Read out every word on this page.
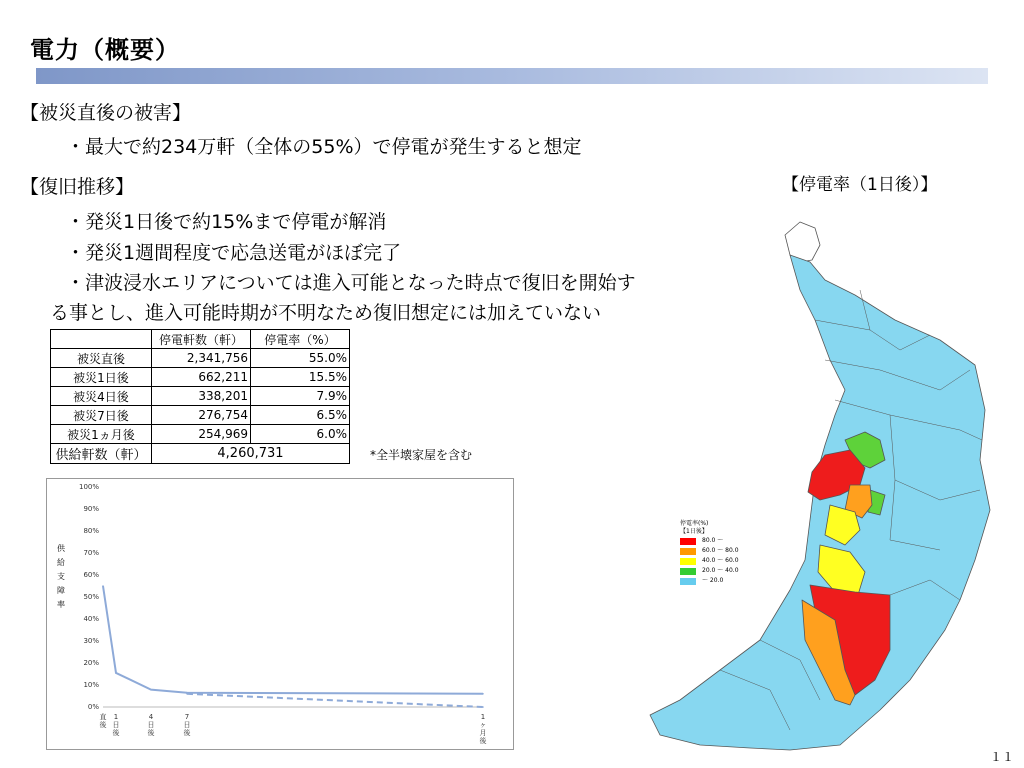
電力（概要）
【被災直後の被害】
・最大で約234万軒（全体の55%）で停電が発生すると想定
【復旧推移】
・発災1日後で約15%まで停電が解消
・発災1週間程度で応急送電がほぼ完了
・津波浸水エリアについては進入可能となった時点で復旧を開始す
る事とし、進入可能時期が不明なため復旧想定には加えていない
【停電率（1日後）】
	停電軒数（軒）	停電率（%）
被災直後	2,341,756	55.0%
被災1日後	662,211	15.5%
被災4日後	338,201	7.9%
被災7日後	276,754	6.5%
被災1ヵ月後	254,969	6.0%
供給軒数（軒）	4,260,731		*全半壊家屋を含む
0%
10%
20%
30%
40%
50%
60%
70%
80%
90%
100%
供
給
支
障
率
直
後
1
日
後
4
日
後
7
日
後
1
ヶ
月
後
停電率(%)
【1日後】
80.0 ～
60.0 ～ 80.0
40.0 ～ 60.0
20.0 ～ 40.0
～ 20.0
１１
